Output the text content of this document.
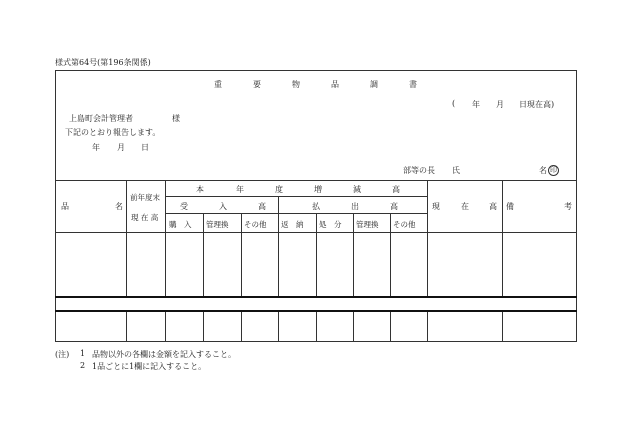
様式第64号(第196条関係)
重	要	物	品	調	書
( 年 月 日現在高)
上島町会計管理者	様
下記のとおり報告します。
年 月 日
部等の長 氏	名 印
品	名
前年度末
現 在 高
本	年	度	増	減	高
受	入	高	払	出	高
購　入 管理換 その他 返　納 処　分 管理換 その他
現	在	高 備	考
(注) 1 品物以外の各欄は金額を記入すること。
2 1品ごとに1欄に記入すること。
